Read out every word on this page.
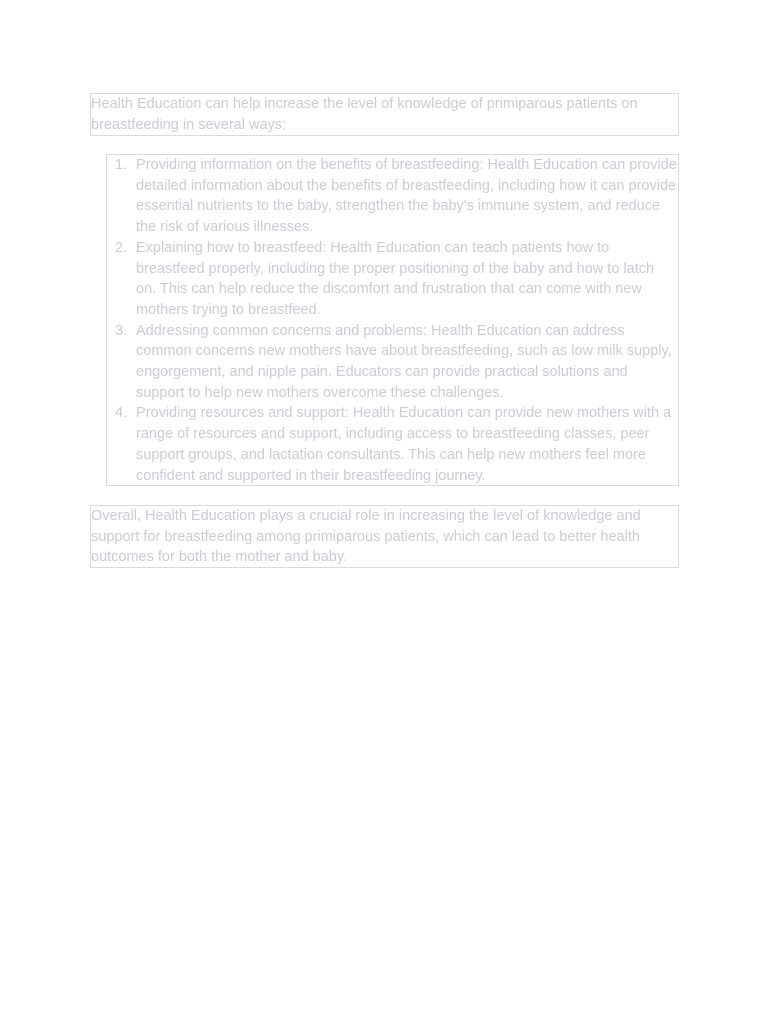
Health Education can help increase the level of knowledge of primiparous patients on breastfeeding in several ways:
Providing information on the benefits of breastfeeding: Health Education can provide detailed information about the benefits of breastfeeding, including how it can provide essential nutrients to the baby, strengthen the baby's immune system, and reduce the risk of various illnesses.
Explaining how to breastfeed: Health Education can teach patients how to breastfeed properly, including the proper positioning of the baby and how to latch on. This can help reduce the discomfort and frustration that can come with new mothers trying to breastfeed.
Addressing common concerns and problems: Health Education can address common concerns new mothers have about breastfeeding, such as low milk supply, engorgement, and nipple pain. Educators can provide practical solutions and support to help new mothers overcome these challenges.
Providing resources and support: Health Education can provide new mothers with a range of resources and support, including access to breastfeeding classes, peer support groups, and lactation consultants. This can help new mothers feel more confident and supported in their breastfeeding journey.
Overall, Health Education plays a crucial role in increasing the level of knowledge and support for breastfeeding among primiparous patients, which can lead to better health outcomes for both the mother and baby.
